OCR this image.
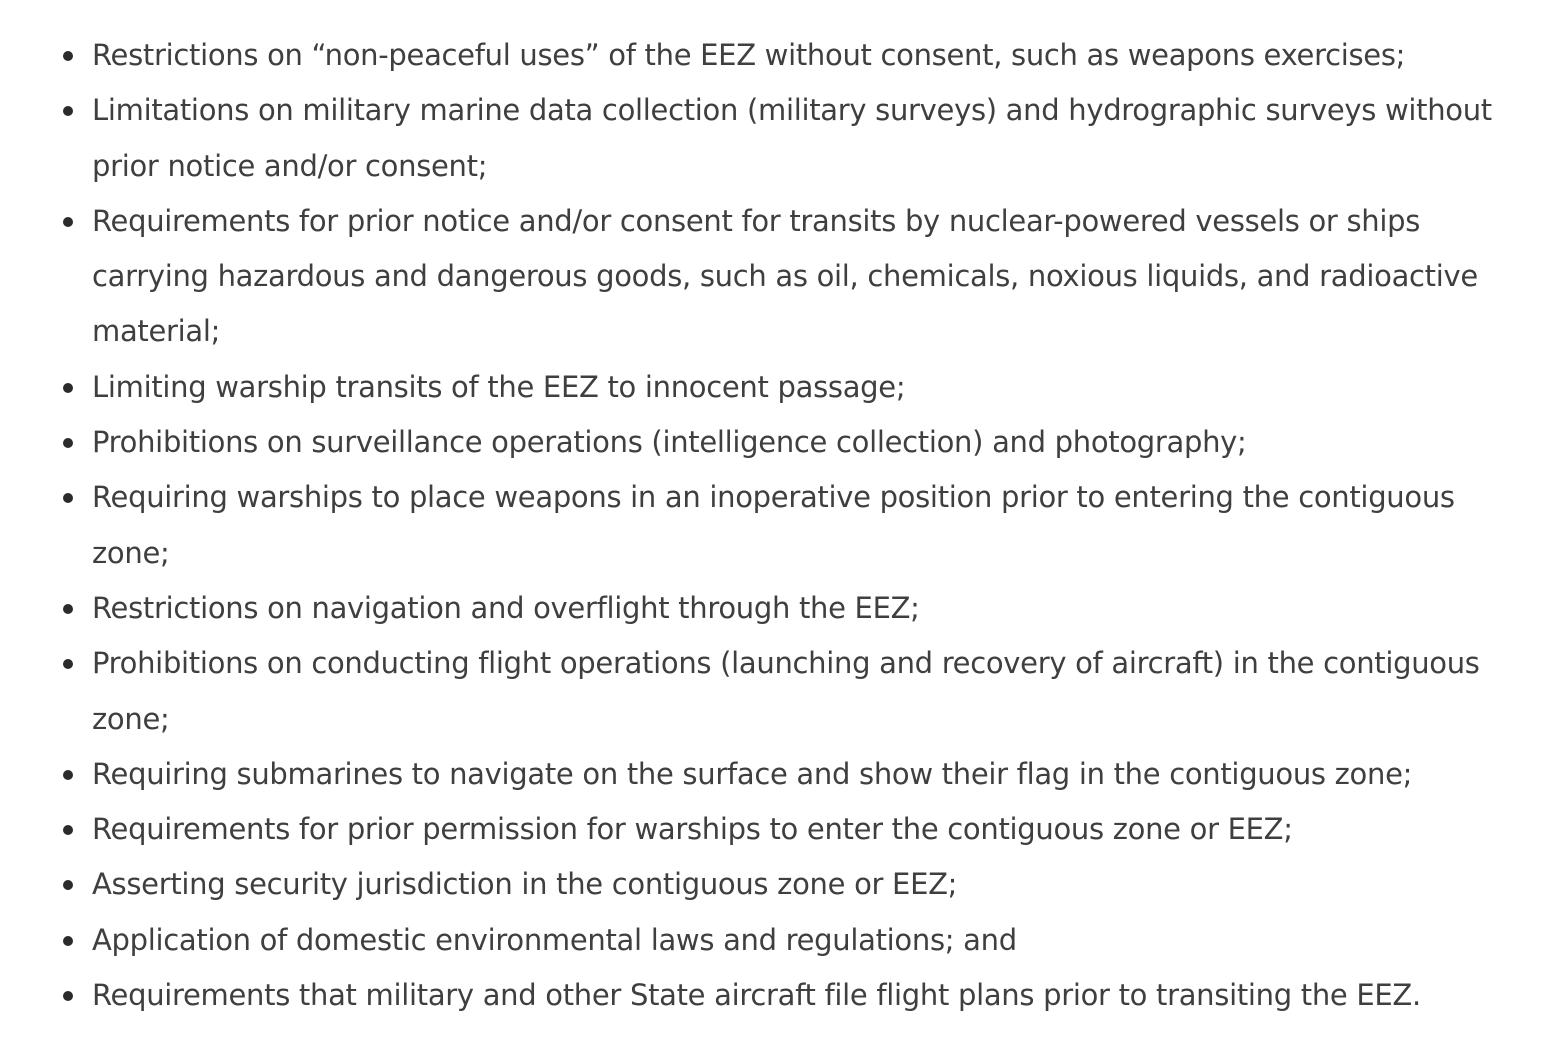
Restrictions on “non-peaceful uses” of the EEZ without consent, such as weapons exercises;
Limitations on military marine data collection (military surveys) and hydrographic surveys without prior notice and/or consent;
Requirements for prior notice and/or consent for transits by nuclear-powered vessels or ships carrying hazardous and dangerous goods, such as oil, chemicals, noxious liquids, and radioactive material;
Limiting warship transits of the EEZ to innocent passage;
Prohibitions on surveillance operations (intelligence collection) and photography;
Requiring warships to place weapons in an inoperative position prior to entering the contiguous zone;
Restrictions on navigation and overflight through the EEZ;
Prohibitions on conducting flight operations (launching and recovery of aircraft) in the contiguous zone;
Requiring submarines to navigate on the surface and show their flag in the contiguous zone;
Requirements for prior permission for warships to enter the contiguous zone or EEZ;
Asserting security jurisdiction in the contiguous zone or EEZ;
Application of domestic environmental laws and regulations; and
Requirements that military and other State aircraft file flight plans prior to transiting the EEZ.
